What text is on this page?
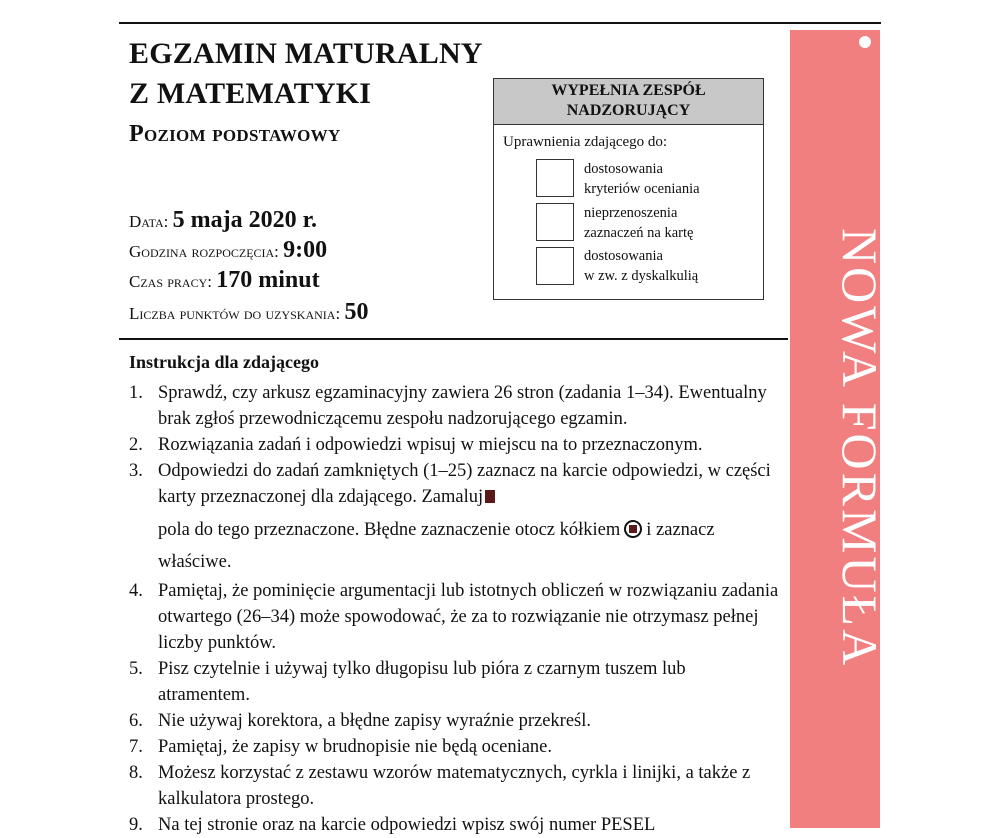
EGZAMIN MATURALNY
Z MATEMATYKI
Poziom podstawowy
Data: 5 maja 2020 r.
Godzina rozpoczęcia: 9:00
Czas pracy: 170 minut
Liczba punktów do uzyskania: 50
WYPEŁNIA ZESPÓŁ
NADZORUJĄCY
Uprawnienia zdającego do:
dostosowania
kryteriów oceniania
nieprzenoszenia
zaznaczeń na kartę
dostosowania
w zw. z dyskalkulią	NOWA FORMUŁA
Instrukcja dla zdającego
1. Sprawdź, czy arkusz egzaminacyjny zawiera 26 stron (zadania 1–34). Ewentualny brak zgłoś przewodniczącemu zespołu nadzorującego egzamin.
2. Rozwiązania zadań i odpowiedzi wpisuj w miejscu na to przeznaczonym.
3. Odpowiedzi do zadań zamkniętych (1–25) zaznacz na karcie odpowiedzi, w części karty przeznaczonej dla zdającego. Zamalujpola do tego przeznaczone. Błędne zaznaczenie otocz kółkiem i zaznacz właściwe.
4. Pamiętaj, że pominięcie argumentacji lub istotnych obliczeń w rozwiązaniu zadania otwartego (26–34) może spowodować, że za to rozwiązanie nie otrzymasz pełnej liczby punktów.
5. Pisz czytelnie i używaj tylko długopisu lub pióra z czarnym tuszem lub atramentem.
6. Nie używaj korektora, a błędne zapisy wyraźnie przekreśl.
7. Pamiętaj, że zapisy w brudnopisie nie będą oceniane.
8. Możesz korzystać z zestawu wzorów matematycznych, cyrkla i linijki, a także z kalkulatora prostego.
9. Na tej stronie oraz na karcie odpowiedzi wpisz swój numer PESEL
